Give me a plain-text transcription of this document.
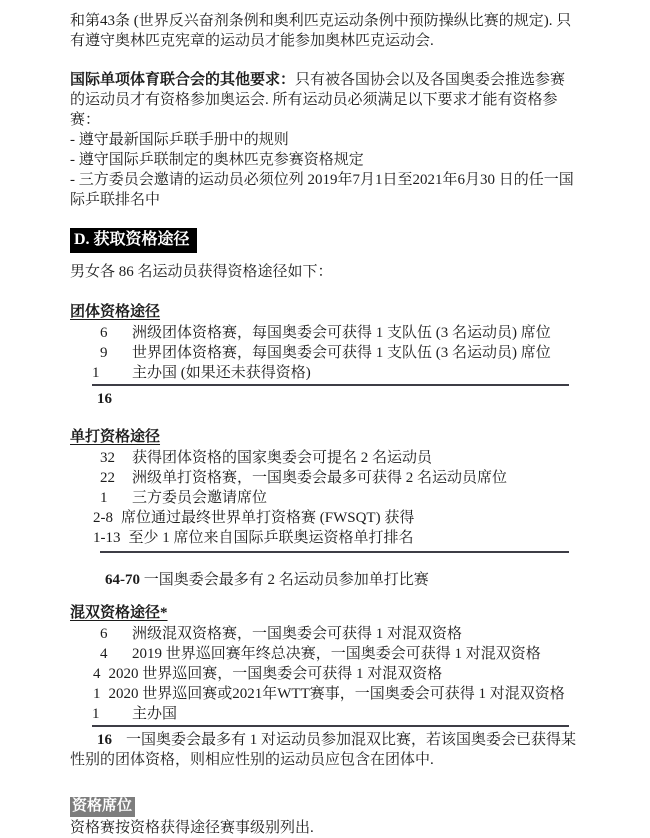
和第43条 (世界反兴奋剂条例和奥利匹克运动条例中预防操纵比赛的规定). 只有遵守奥林匹克宪章的运动员才能参加奥林匹克运动会.

国际单项体育联合会的其他要求：只有被各国协会以及各国奥委会推选参赛的运动员才有资格参加奥运会. 所有运动员必须满足以下要求才能有资格参赛：

- 遵守最新国际乒联手册中的规则

- 遵守国际乒联制定的奥林匹克参赛资格规定

- 三方委员会邀请的运动员必须位列 2019年7月1日至2021年6月30 日的任一国际乒联排名中

D. 获取资格途径

男女各 86 名运动员获得资格途径如下：

团体资格途径

6	洲级团体资格赛，每国奥委会可获得 1 支队伍 (3 名运动员) 席位
9	世界团体资格赛，每国奥委会可获得 1 支队伍 (3 名运动员) 席位
1	主办国 (如果还未获得资格)

16

单打资格途径

32	获得团体资格的国家奥委会可提名 2 名运动员
22	洲级单打资格赛，一国奥委会最多可获得 2 名运动员席位
1	三方委员会邀请席位
2-8 席位通过最终世界单打资格赛 (FWSQT) 获得
1-13 至少 1 席位来自国际乒联奥运资格单打排名

64-70 一国奥委会最多有 2 名运动员参加单打比赛

混双资格途径*

6	洲级混双资格赛，一国奥委会可获得 1 对混双资格
4	2019 世界巡回赛年终总决赛，一国奥委会可获得 1 对混双资格
4 2020 世界巡回赛，一国奥委会可获得 1 对混双资格
1 2020 世界巡回赛或2021年WTT赛事，一国奥委会可获得 1 对混双资格
1	主办国

16 一国奥委会最多有 1 对运动员参加混双比赛，若该国奥委会已获得某性别的团体资格，则相应性别的运动员应包含在团体中.

资格席位

资格赛按资格获得途径赛事级别列出.
